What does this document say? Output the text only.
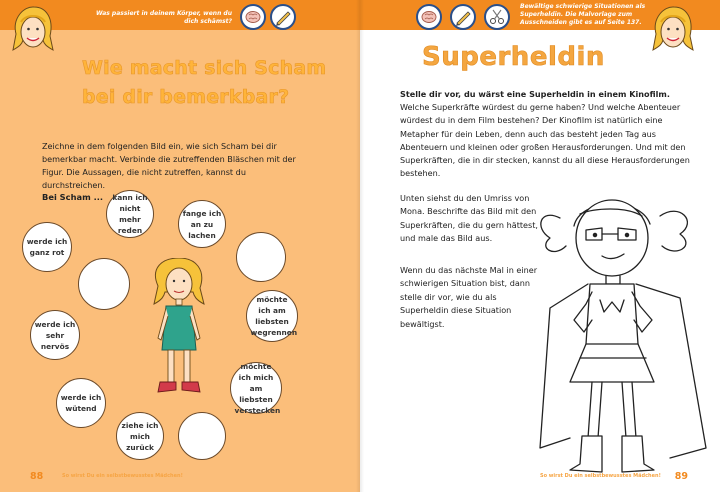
Was passiert in deinem Körper, wenn du dich schämst?
Wie macht sich Scham bei dir bemerkbar?
Zeichne in dem folgenden Bild ein, wie sich Scham bei dir bemerkbar macht. Verbinde die zutreffenden Bläschen mit der Figur. Die Aussagen, die nicht zutreffen, kannst du durchstreichen.
Bei Scham ... kann ich nicht mehr reden
fange ich an zu lachen
werde ich ganz rot
werde ich sehr nervös
möchte ich am liebsten wegrennen
möchte ich mich am liebsten verstecken
werde ich wütend
ziehe ich mich zurück
88	So wirst Du ein selbstbewusstes Mädchen!
Bewältige schwierige Situationen als Superheldin. Die Malvorlage zum Ausschneiden gibt es auf Seite 137.
Superheldin
Stelle dir vor, du wärst eine Superheldin in einem Kinofilm. Welche Superkräfte würdest du gerne haben? Und welche Abenteuer würdest du in dem Film bestehen? Der Kinofilm ist natürlich eine Metapher für dein Leben, denn auch das besteht jeden Tag aus Abenteuern und kleinen oder großen Herausforderungen. Und mit den Superkräften, die in dir stecken, kannst du all diese Herausforderungen bestehen.
Unten siehst du den Umriss von Mona. Beschrifte das Bild mit den Superkräften, die du gern hättest, und male das Bild aus.
Wenn du das nächste Mal in einer schwierigen Situation bist, dann stelle dir vor, wie du als Superheldin diese Situation bewältigst.
So wirst Du ein selbstbewusstes Mädchen! 89
